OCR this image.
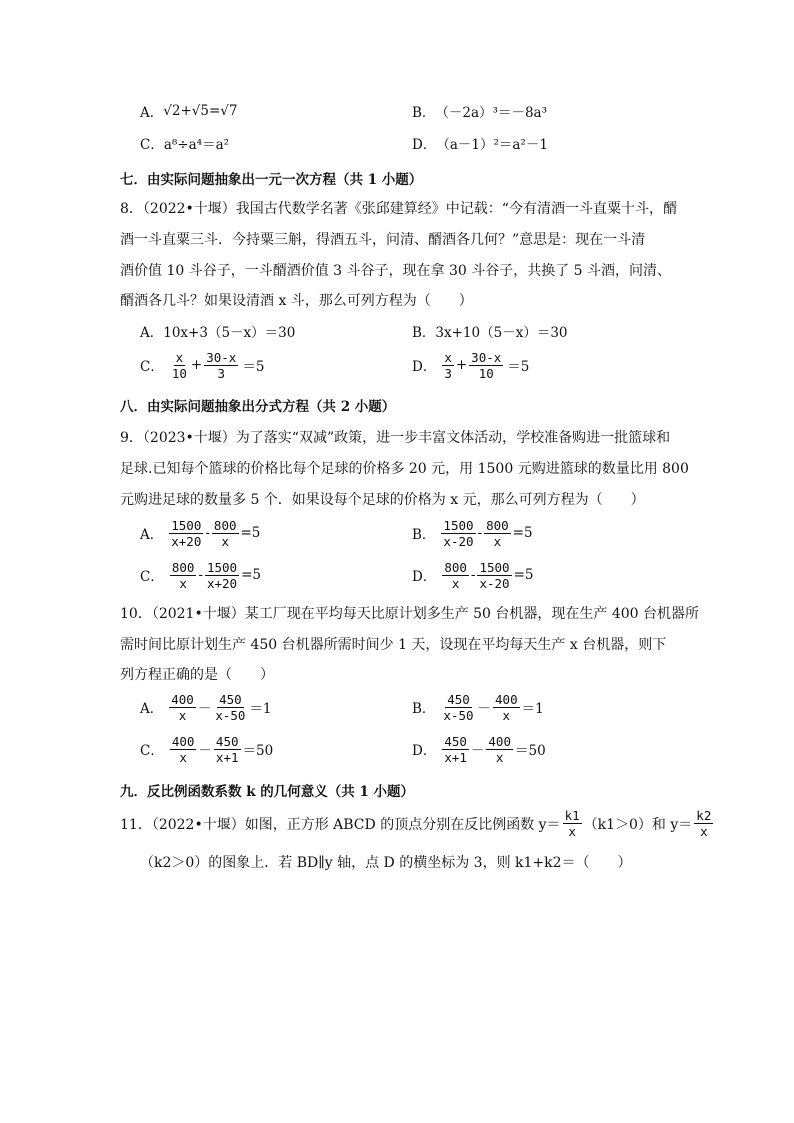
A． √2+√5=√7	B． （－2a）³＝－8a³
C． a⁸÷a⁴＝a²	D． （a－1）²＝a²－1
七．由实际问题抽象出一元一次方程（共 1 小题）
8．（2022•十堰）我国古代数学名著《张邱建算经》中记载：“今有清酒一斗直粟十斗，醑
酒一斗直粟三斗．今持粟三斛，得酒五斗，问清、醑酒各几何？”意思是：现在一斗清
酒价值 10 斗谷子，一斗醑酒价值 3 斗谷子，现在拿 30 斗谷子，共换了 5 斗酒，问清、
醑酒各几斗？如果设清酒 x 斗，那么可列方程为（　　）
A．10x+3（5－x）＝30	B．3x+10（5－x）＝30
C． $\frac{x}{10} + \frac{30-x}{3} =5$	D． $\frac{x}{3} + \frac{30-x}{10} =5$
八．由实际问题抽象出分式方程（共 2 小题）
9．（2023•十堰）为了落实“双减”政策，进一步丰富文体活动，学校准备购进一批篮球和
足球.已知每个篮球的价格比每个足球的价格多 20 元，用 1500 元购进篮球的数量比用 800
元购进足球的数量多 5 个．如果设每个足球的价格为 x 元，那么可列方程为（　　）
A． $\frac{1500}{x+20} - \frac{800}{x} =5$	B． $\frac{1500}{x-20} - \frac{800}{x} =5$
C． $\frac{800}{x} - \frac{1500}{x+20} =5$	D． $\frac{800}{x} - \frac{1500}{x-20} =5$
10．（2021•十堰）某工厂现在平均每天比原计划多生产 50 台机器，现在生产 400 台机器所
需时间比原计划生产 450 台机器所需时间少 1 天，设现在平均每天生产 x 台机器，则下
列方程正确的是（　　）
A． $\frac{400}{x} - \frac{450}{x-50} =1$	B． $\frac{450}{x-50} - \frac{400}{x} =1$
C． $\frac{400}{x} - \frac{450}{x+1} =50$	D． $\frac{450}{x+1} - \frac{400}{x} =50$
九．反比例函数系数 k 的几何意义（共 1 小题）
11．（2022•十堰）如图，正方形 ABCD 的顶点分别在反比例函数 $y= \frac{k1}{x} (k1>0)$和 $y= \frac{k2}{x}$
（k2＞0）的图象上．若 BD∥y 轴，点 D 的横坐标为 3，则 k1+k2＝（　　）
